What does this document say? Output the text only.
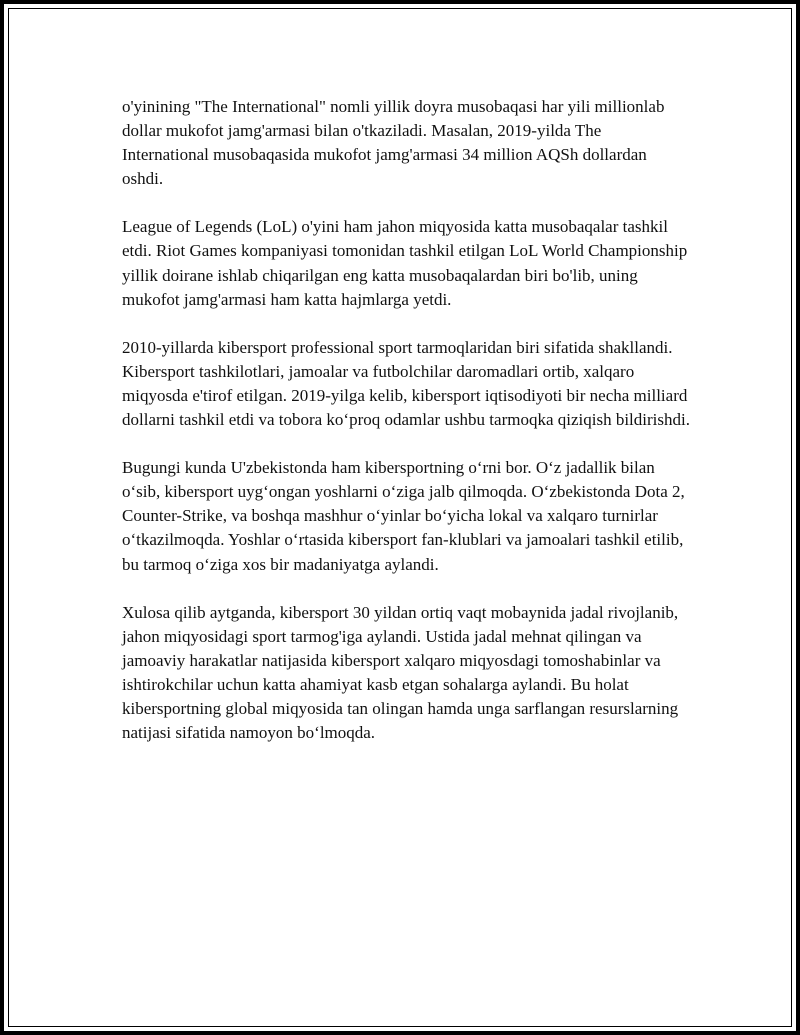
o'yinining "The International" nomli yillik doyra musobaqasi har yili millionlab dollar mukofot jamg'armasi bilan o'tkaziladi. Masalan, 2019-yilda The International musobaqasida mukofot jamg'armasi 34 million AQSh dollardan oshdi.

League of Legends (LoL) o'yini ham jahon miqyosida katta musobaqalar tashkil etdi. Riot Games kompaniyasi tomonidan tashkil etilgan LoL World Championship yillik doirane ishlab chiqarilgan eng katta musobaqalardan biri bo'lib, uning mukofot jamg'armasi ham katta hajmlarga yetdi.

2010-yillarda kibersport professional sport tarmoqlaridan biri sifatida shakllandi. Kibersport tashkilotlari, jamoalar va futbolchilar daromadlari ortib, xalqaro miqyosda e'tirof etilgan. 2019-yilga kelib, kibersport iqtisodiyoti bir necha milliard dollarni tashkil etdi va tobora ko‘proq odamlar ushbu tarmoqka qiziqish bildirishdi.

Bugungi kunda U'zbekistonda ham kibersportning o‘rni bor. O‘z jadallik bilan o‘sib, kibersport uyg‘ongan yoshlarni o‘ziga jalb qilmoqda. O‘zbekistonda Dota 2, Counter-Strike, va boshqa mashhur o‘yinlar bo‘yicha lokal va xalqaro turnirlar o‘tkazilmoqda. Yoshlar o‘rtasida kibersport fan-klublari va jamoalari tashkil etilib, bu tarmoq o‘ziga xos bir madaniyatga aylandi.

Xulosa qilib aytganda, kibersport 30 yildan ortiq vaqt mobaynida jadal rivojlanib, jahon miqyosidagi sport tarmog'iga aylandi. Ustida jadal mehnat qilingan va jamoaviy harakatlar natijasida kibersport xalqaro miqyosdagi tomoshabinlar va ishtirokchilar uchun katta ahamiyat kasb etgan sohalarga aylandi. Bu holat kibersportning global miqyosida tan olingan hamda unga sarflangan resurslarning natijasi sifatida namoyon bo‘lmoqda.
